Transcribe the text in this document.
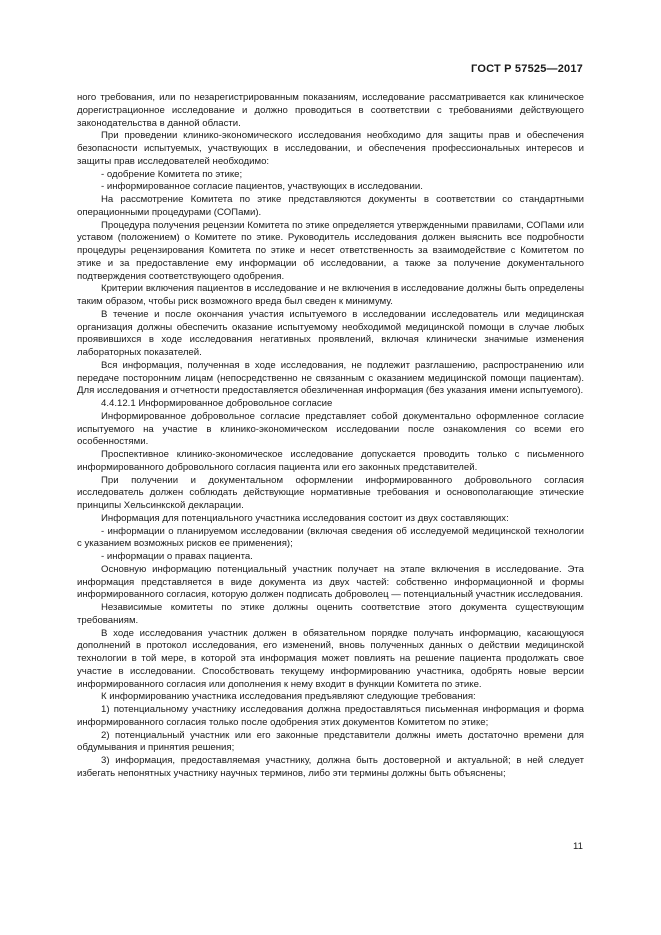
ГОСТ Р 57525—2017

ного требования, или по незарегистрированным показаниям, исследование рассматривается как клиническое дорегистрационное исследование и должно проводиться в соответствии с требованиями действующего законодательства в данной области.

При проведении клинико-экономического исследования необходимо для защиты прав и обеспечения безопасности испытуемых, участвующих в исследовании, и обеспечения профессиональных интересов и защиты прав исследователей необходимо:

- одобрение Комитета по этике;

- информированное согласие пациентов, участвующих в исследовании.

На рассмотрение Комитета по этике представляются документы в соответствии со стандартными операционными процедурами (СОПами).

Процедура получения рецензии Комитета по этике определяется утвержденными правилами, СОПами или уставом (положением) о Комитете по этике. Руководитель исследования должен выяснить все подробности процедуры рецензирования Комитета по этике и несет ответственность за взаимодействие с Комитетом по этике и за предоставление ему информации об исследовании, а также за получение документального подтверждения соответствующего одобрения.

Критерии включения пациентов в исследование и не включения в исследование должны быть определены таким образом, чтобы риск возможного вреда был сведен к минимуму.

В течение и после окончания участия испытуемого в исследовании исследователь или медицинская организация должны обеспечить оказание испытуемому необходимой медицинской помощи в случае любых проявившихся в ходе исследования негативных проявлений, включая клинически значимые изменения лабораторных показателей.

Вся информация, полученная в ходе исследования, не подлежит разглашению, распространению или передаче посторонним лицам (непосредственно не связанным с оказанием медицинской помощи пациентам). Для исследования и отчетности предоставляется обезличенная информация (без указания имени испытуемого).

4.4.12.1 Информированное добровольное согласие

Информированное добровольное согласие представляет собой документально оформленное согласие испытуемого на участие в клинико-экономическом исследовании после ознакомления со всеми его особенностями.

Проспективное клинико-экономическое исследование допускается проводить только с письменного информированного добровольного согласия пациента или его законных представителей.

При получении и документальном оформлении информированного добровольного согласия исследователь должен соблюдать действующие нормативные требования и основополагающие этические принципы Хельсинкской декларации.

Информация для потенциального участника исследования состоит из двух составляющих:

- информации о планируемом исследовании (включая сведения об исследуемой медицинской технологии с указанием возможных рисков ее применения);

- информации о правах пациента.

Основную информацию потенциальный участник получает на этапе включения в исследование. Эта информация представляется в виде документа из двух частей: собственно информационной и формы информированного согласия, которую должен подписать доброволец — потенциальный участник исследования.

Независимые комитеты по этике должны оценить соответствие этого документа существующим требованиям.

В ходе исследования участник должен в обязательном порядке получать информацию, касающуюся дополнений в протокол исследования, его изменений, вновь полученных данных о действии медицинской технологии в той мере, в которой эта информация может повлиять на решение пациента продолжать свое участие в исследовании. Способствовать текущему информированию участника, одобрять новые версии информированного согласия или дополнения к нему входит в функции Комитета по этике.

К информированию участника исследования предъявляют следующие требования:

1) потенциальному участнику исследования должна предоставляться письменная информация и форма информированного согласия только после одобрения этих документов Комитетом по этике;

2) потенциальный участник или его законные представители должны иметь достаточно времени для обдумывания и принятия решения;

3) информация, предоставляемая участнику, должна быть достоверной и актуальной; в ней следует избегать непонятных участнику научных терминов, либо эти термины должны быть объяснены;

11
